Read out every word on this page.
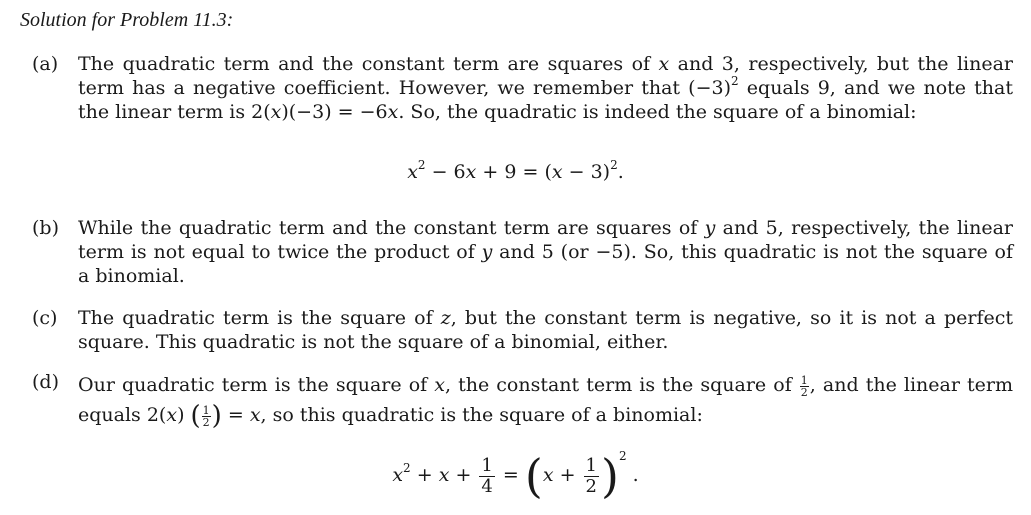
Solution for Problem 11.3:
(a) The quadratic term and the constant term are squares of x and 3, respectively, but the linear term has a negative coefficient. However, we remember that $(-3)^2$ equals 9, and we note that the linear term is 2(x)(−3) = −6x. So, the quadratic is indeed the square of a binomial:
$x^2 - 6x + 9 = (x - 3)^2$.
(b) While the quadratic term and the constant term are squares of y and 5, respectively, the linear term is not equal to twice the product of y and 5 (or −5). So, this quadratic is not the square of a binomial.
(c) The quadratic term is the square of z, but the constant term is negative, so it is not a perfect square. This quadratic is not the square of a binomial, either.
(d) Our quadratic term is the square of x, the constant term is the square of $\frac{1}{2}$ , and the linear term equals 2(x) ( $\frac{1}{2}$ ) = x, so this quadratic is the square of a binomial:
$x^2 + x + \frac{1}{4} = (x + \frac{1}{2} )^2$ .
